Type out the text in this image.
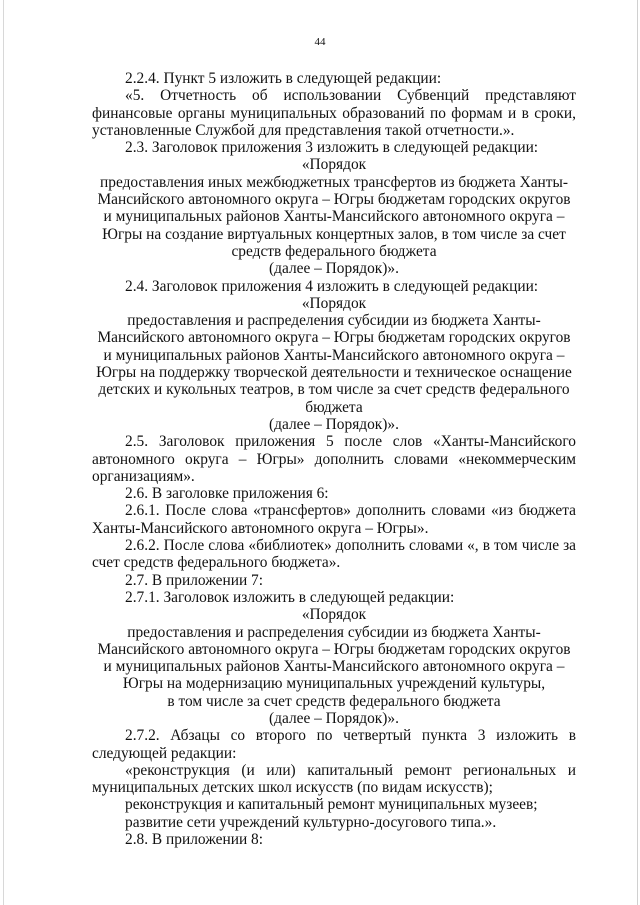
44

2.2.4. Пункт 5 изложить в следующей редакции:

«5. Отчетность об использовании Субвенций представляют финансовые органы муниципальных образований по формам и в сроки, установленные Службой для представления такой отчетности.».

2.3. Заголовок приложения 3 изложить в следующей редакции:

«Порядок

предоставления иных межбюджетных трансфертов из бюджета Ханты-Мансийского автономного округа – Югры бюджетам городских округов и муниципальных районов Ханты-Мансийского автономного округа – Югры на создание виртуальных концертных залов, в том числе за счет средств федерального бюджета

(далее – Порядок)».

2.4. Заголовок приложения 4 изложить в следующей редакции:

«Порядок

предоставления и распределения субсидии из бюджета Ханты-Мансийского автономного округа – Югры бюджетам городских округов и муниципальных районов Ханты-Мансийского автономного округа – Югры на поддержку творческой деятельности и техническое оснащение детских и кукольных театров, в том числе за счет средств федерального бюджета

(далее – Порядок)».

2.5. Заголовок приложения 5 после слов «Ханты-Мансийского автономного округа – Югры» дополнить словами «некоммерческим организациям».

2.6. В заголовке приложения 6:

2.6.1. После слова «трансфертов» дополнить словами «из бюджета Ханты-Мансийского автономного округа – Югры».

2.6.2. После слова «библиотек» дополнить словами «, в том числе за счет средств федерального бюджета».

2.7. В приложении 7:

2.7.1. Заголовок изложить в следующей редакции:

«Порядок

предоставления и распределения субсидии из бюджета Ханты-Мансийского автономного округа – Югры бюджетам городских округов и муниципальных районов Ханты-Мансийского автономного округа – Югры на модернизацию муниципальных учреждений культуры,

в том числе за счет средств федерального бюджета

(далее – Порядок)».

2.7.2. Абзацы со второго по четвертый пункта 3 изложить в следующей редакции:

«реконструкция (и или) капитальный ремонт региональных и муниципальных детских школ искусств (по видам искусств);

реконструкция и капитальный ремонт муниципальных музеев;

развитие сети учреждений культурно-досугового типа.».

2.8. В приложении 8:
